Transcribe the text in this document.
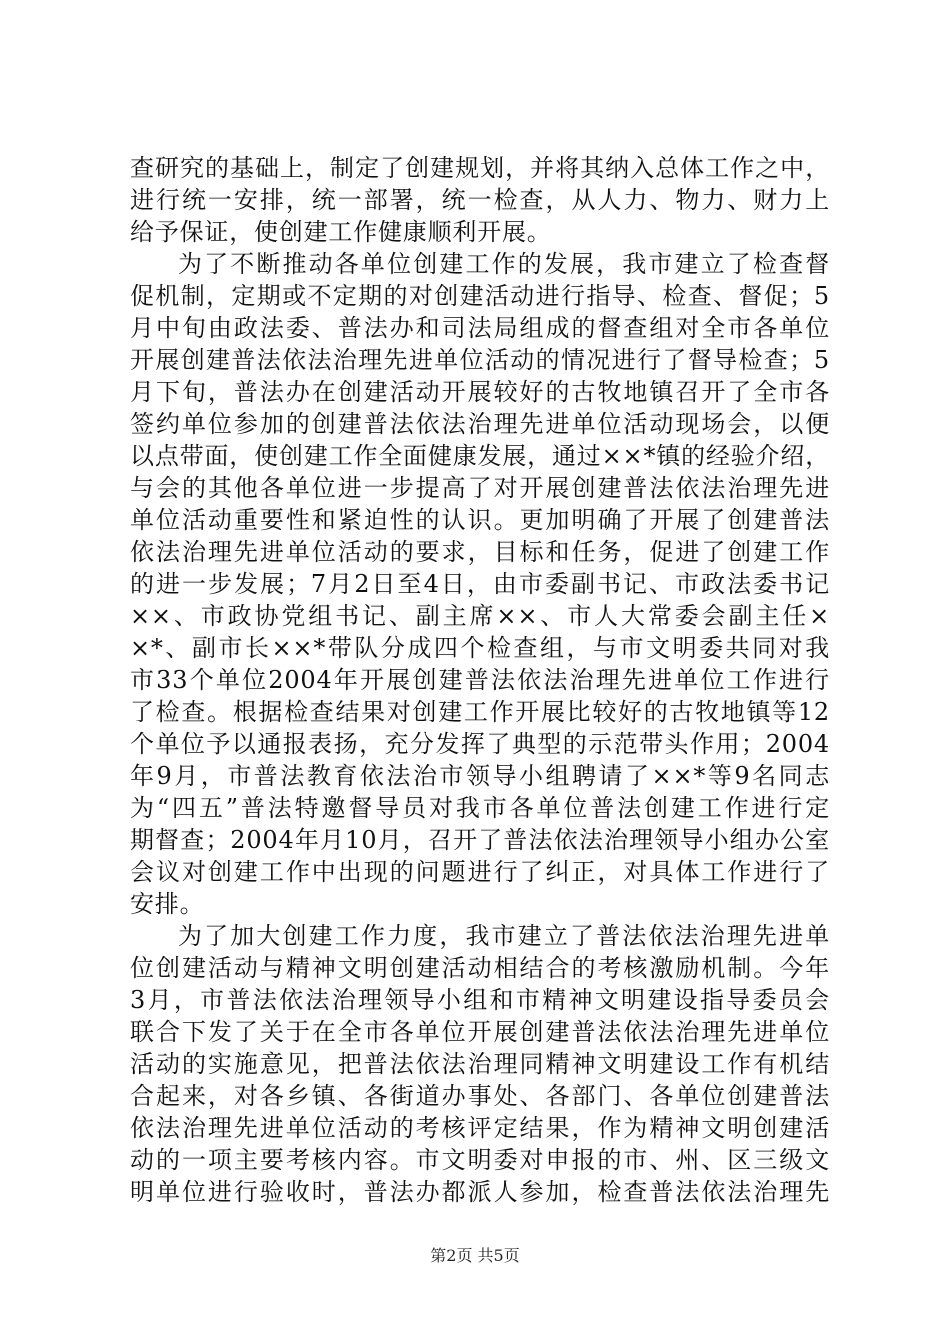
查研究的基础上，制定了创建规划，并将其纳入总体工作之中，
进行统一安排，统一部署，统一检查，从人力、物力、财力上
给予保证，使创建工作健康顺利开展。
为了不断推动各单位创建工作的发展，我市建立了检查督
促机制，定期或不定期的对创建活动进行指导、检查、督促；5
月中旬由政法委、普法办和司法局组成的督查组对全市各单位
开展创建普法依法治理先进单位活动的情况进行了督导检查；5
月下旬，普法办在创建活动开展较好的古牧地镇召开了全市各
签约单位参加的创建普法依法治理先进单位活动现场会，以便
以点带面，使创建工作全面健康发展，通过××*镇的经验介绍，
与会的其他各单位进一步提高了对开展创建普法依法治理先进
单位活动重要性和紧迫性的认识。更加明确了开展了创建普法
依法治理先进单位活动的要求，目标和任务，促进了创建工作
的进一步发展；7月2日至4日，由市委副书记、市政法委书记
××、市政协党组书记、副主席××、市人大常委会副主任×
×*、副市长××*带队分成四个检查组，与市文明委共同对我
市33个单位2004年开展创建普法依法治理先进单位工作进行
了检查。根据检查结果对创建工作开展比较好的古牧地镇等12
个单位予以通报表扬，充分发挥了典型的示范带头作用；2004
年9月，市普法教育依法治市领导小组聘请了××*等9名同志
为“四五”普法特邀督导员对我市各单位普法创建工作进行定
期督查；2004年月10月，召开了普法依法治理领导小组办公室
会议对创建工作中出现的问题进行了纠正，对具体工作进行了
安排。
为了加大创建工作力度，我市建立了普法依法治理先进单
位创建活动与精神文明创建活动相结合的考核激励机制。今年
3月，市普法依法治理领导小组和市精神文明建设指导委员会
联合下发了关于在全市各单位开展创建普法依法治理先进单位
活动的实施意见，把普法依法治理同精神文明建设工作有机结
合起来，对各乡镇、各街道办事处、各部门、各单位创建普法
依法治理先进单位活动的考核评定结果，作为精神文明创建活
动的一项主要考核内容。市文明委对申报的市、州、区三级文
明单位进行验收时，普法办都派人参加，检查普法依法治理先
第2页 共5页
